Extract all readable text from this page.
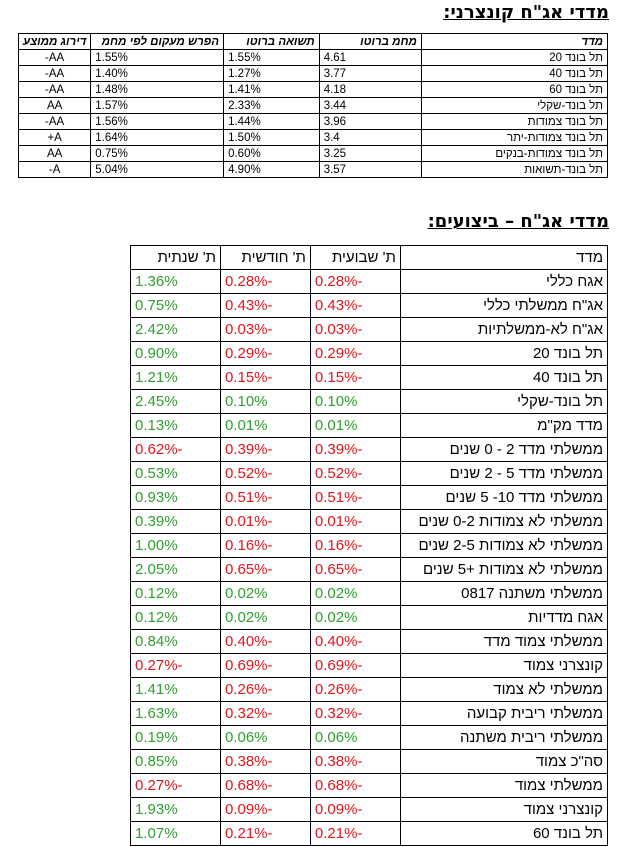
מדדי אג"ח קונצרני:
מדד	מחמ ברוטו	תשואה ברוטו	הפרש מעקום לפי מחמ	דירוג ממוצע
תל בונד 20	4.61	1.55%	1.55%	AA-
תל בונד 40	3.77	1.27%	1.40%	AA-
תל בונד 60	4.18	1.41%	1.48%	AA-
תל בונד-שקלי	3.44	2.33%	1.57%	AA
תל בונד צמודות	3.96	1.44%	1.56%	AA-
תל בונד צמודות-יתר	3.4	1.50%	1.64%	A+
תל בונד צמודות-בנקים	3.25	0.60%	0.75%	AA
תל בונד-תשואות	3.57	4.90%	5.04%	A-
מדדי אג"ח – ביצועים:
מדד	ת' שבועית	ת' חודשית	ת' שנתית
אגח כללי	-0.28%	-0.28%	1.36%
אג"ח ממשלתי כללי	-0.43%	-0.43%	0.75%
אג"ח לא-ממשלתיות	-0.03%	-0.03%	2.42%
תל בונד 20	-0.29%	-0.29%	0.90%
תל בונד 40	-0.15%	-0.15%	1.21%
תל בונד-שקלי	0.10%	0.10%	2.45%
מדד מק"מ	0.01%	0.01%	0.13%
ממשלתי מדד 2 - 0 שנים	-0.39%	-0.39%	-0.62%
ממשלתי מדד 5 - 2 שנים	-0.52%	-0.52%	0.53%
ממשלתי מדד 10- 5 שנים	-0.51%	-0.51%	0.93%
ממשלתי לא צמודות 0-2 שנים	-0.01%	-0.01%	0.39%
ממשלתי לא צמודות 2-5 שנים	-0.16%	-0.16%	1.00%
ממשלתי לא צמודות +5 שנים	-0.65%	-0.65%	2.05%
ממשלתי משתנה 0817	0.02%	0.02%	0.12%
אגח מדדיות	0.02%	0.02%	0.12%
ממשלתי צמוד מדד	-0.40%	-0.40%	0.84%
קונצרני צמוד	-0.69%	-0.69%	-0.27%
ממשלתי לא צמוד	-0.26%	-0.26%	1.41%
ממשלתי ריבית קבועה	-0.32%	-0.32%	1.63%
ממשלתי ריבית משתנה	0.06%	0.06%	0.19%
סה"כ צמוד	-0.38%	-0.38%	0.85%
ממשלתי צמוד	-0.68%	-0.68%	-0.27%
קונצרני צמוד	-0.09%	-0.09%	1.93%
תל בונד 60	-0.21%	-0.21%	1.07%
